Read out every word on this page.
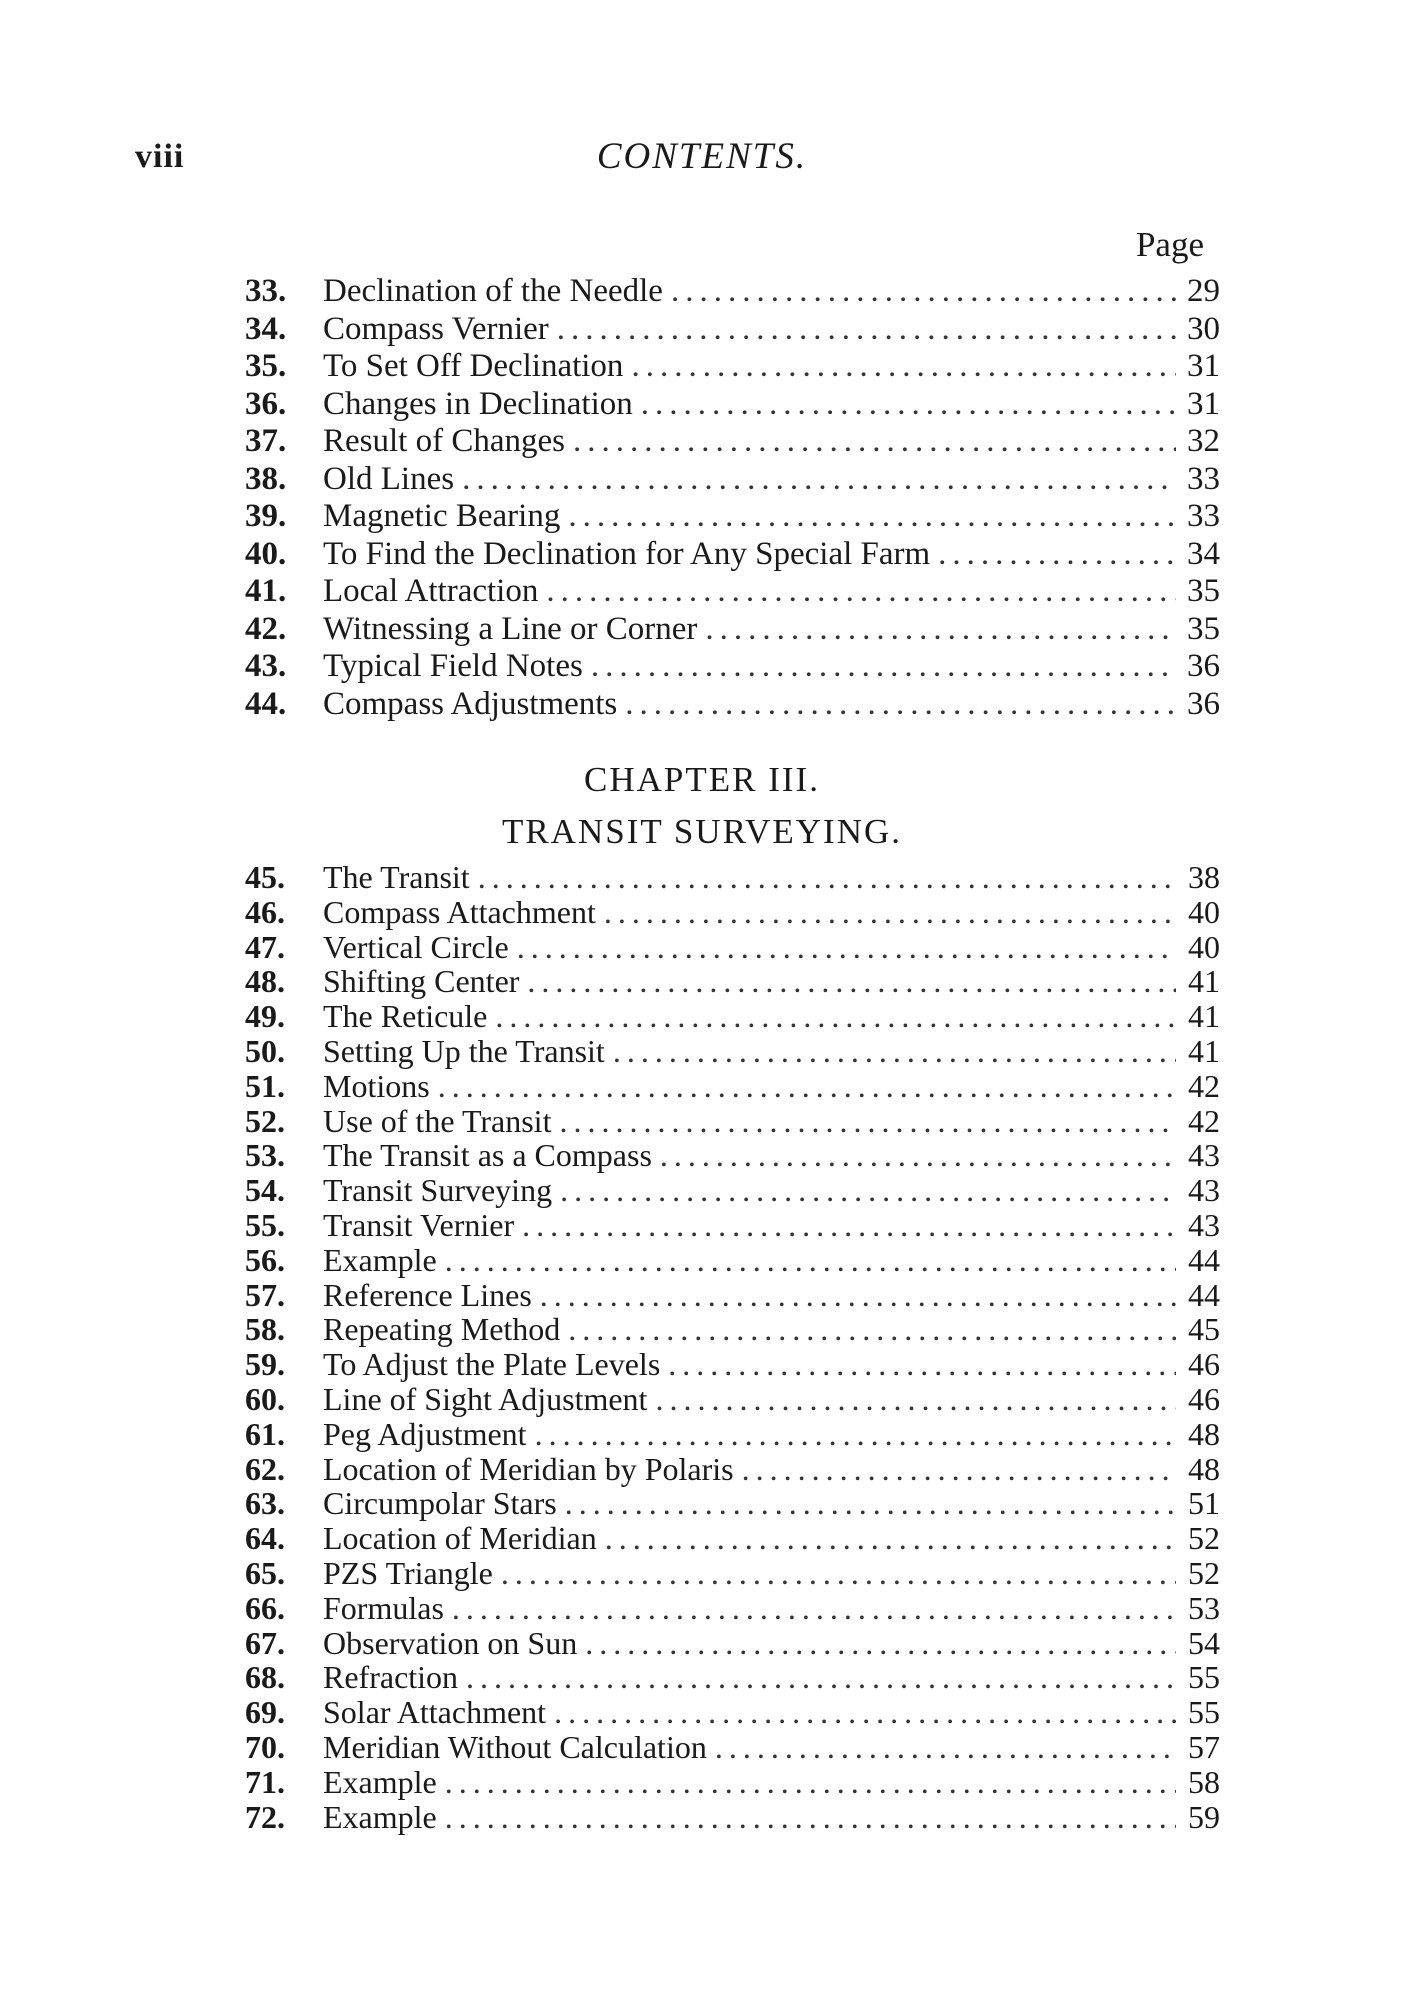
viii	CONTENTS.
Page
33.	Declination of the Needle .....	29
34.	Compass Vernier .....	30
35.	To Set Off Declination .....	31
36.	Changes in Declination .....	31
37.	Result of Changes .....	32
38.	Old Lines .....	33
39.	Magnetic Bearing .....	33
40.	To Find the Declination for Any Special Farm .....	34
41.	Local Attraction .....	35
42.	Witnessing a Line or Corner .....	35
43.	Typical Field Notes .....	36
44.	Compass Adjustments .....	36
CHAPTER III.
TRANSIT SURVEYING.
45.	The Transit .....	38
46.	Compass Attachment .....	40
47.	Vertical Circle .....	40
48.	Shifting Center .....	41
49.	The Reticule .....	41
50.	Setting Up the Transit .....	41
51.	Motions .....	42
52.	Use of the Transit .....	42
53.	The Transit as a Compass .....	43
54.	Transit Surveying .....	43
55.	Transit Vernier .....	43
56.	Example .....	44
57.	Reference Lines .....	44
58.	Repeating Method .....	45
59.	To Adjust the Plate Levels .....	46
60.	Line of Sight Adjustment .....	46
61.	Peg Adjustment .....	48
62.	Location of Meridian by Polaris .....	48
63.	Circumpolar Stars .....	51
64.	Location of Meridian .....	52
65.	PZS Triangle .....	52
66.	Formulas .....	53
67.	Observation on Sun .....	54
68.	Refraction .....	55
69.	Solar Attachment .....	55
70.	Meridian Without Calculation .....	57
71.	Example .....	58
72.	Example .....	59
